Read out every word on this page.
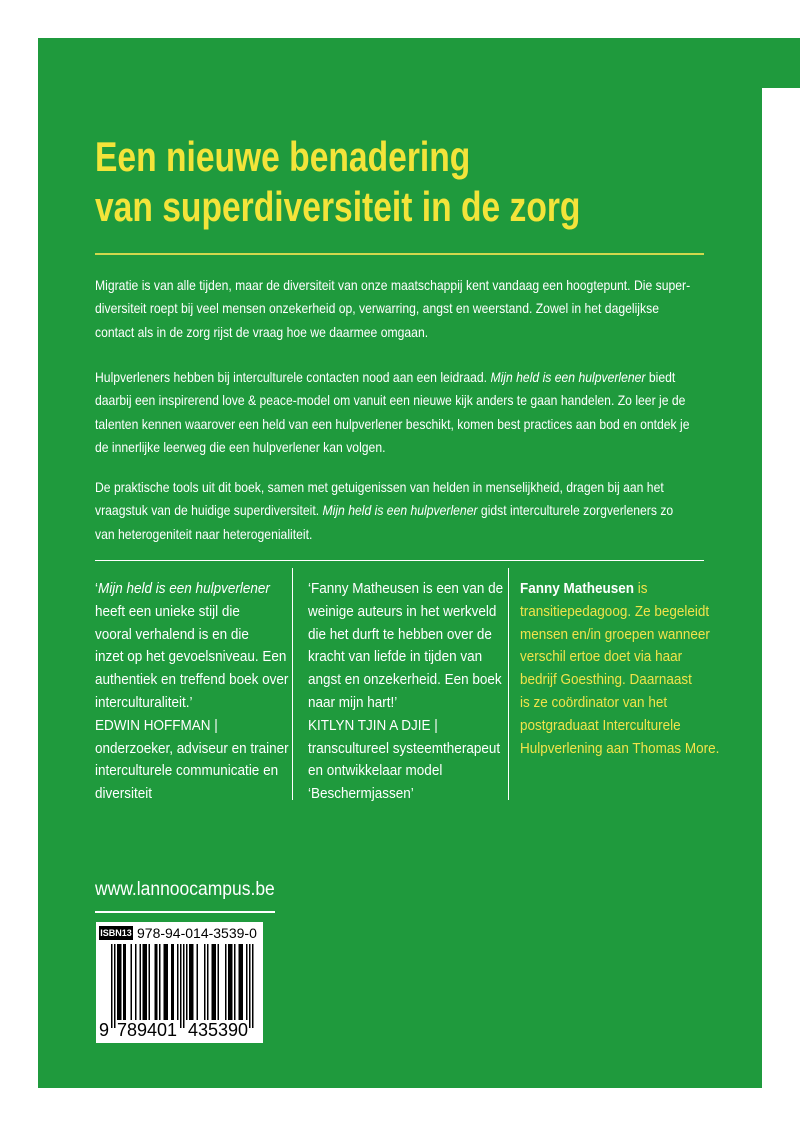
Een nieuwe benadering
van superdiversiteit in de zorg
Migratie is van alle tijden, maar de diversiteit van onze maatschappij kent vandaag een hoogtepunt. Die super-
diversiteit roept bij veel mensen onzekerheid op, verwarring, angst en weerstand. Zowel in het dagelijkse
contact als in de zorg rijst de vraag hoe we daarmee omgaan.
Hulpverleners hebben bij interculturele contacten nood aan een leidraad. Mijn held is een hulpverlener biedt
daarbij een inspirerend love & peace-model om vanuit een nieuwe kijk anders te gaan handelen. Zo leer je de
talenten kennen waarover een held van een hulpverlener beschikt, komen best practices aan bod en ontdek je
de innerlijke leerweg die een hulpverlener kan volgen.
De praktische tools uit dit boek, samen met getuigenissen van helden in menselijkheid, dragen bij aan het
vraagstuk van de huidige superdiversiteit. Mijn held is een hulpverlener gidst interculturele zorgverleners zo
van heterogeniteit naar heterogenialiteit.
‘Mijn held is een hulpverlener
heeft een unieke stijl die
vooral verhalend is en die
inzet op het gevoelsniveau. Een
authentiek en treffend boek over
interculturaliteit.’
EDWIN HOFFMAN |
onderzoeker, adviseur en trainer
interculturele communicatie en
diversiteit
‘Fanny Matheusen is een van de
weinige auteurs in het werkveld
die het durft te hebben over de
kracht van liefde in tijden van
angst en onzekerheid. Een boek
naar mijn hart!’
KITLYN TJIN A DJIE |
transcultureel systeemtherapeut
en ontwikkelaar model
‘Beschermjassen’
Fanny Matheusen is
transitiepedagoog. Ze begeleidt
mensen en/in groepen wanneer
verschil ertoe doet via haar
bedrijf Goesthing. Daarnaast
is ze coördinator van het
postgraduaat Interculturele
Hulpverlening aan Thomas More.
www.lannoocampus.be
ISBN13 978-94-014-3539-0
9 789401 435390
